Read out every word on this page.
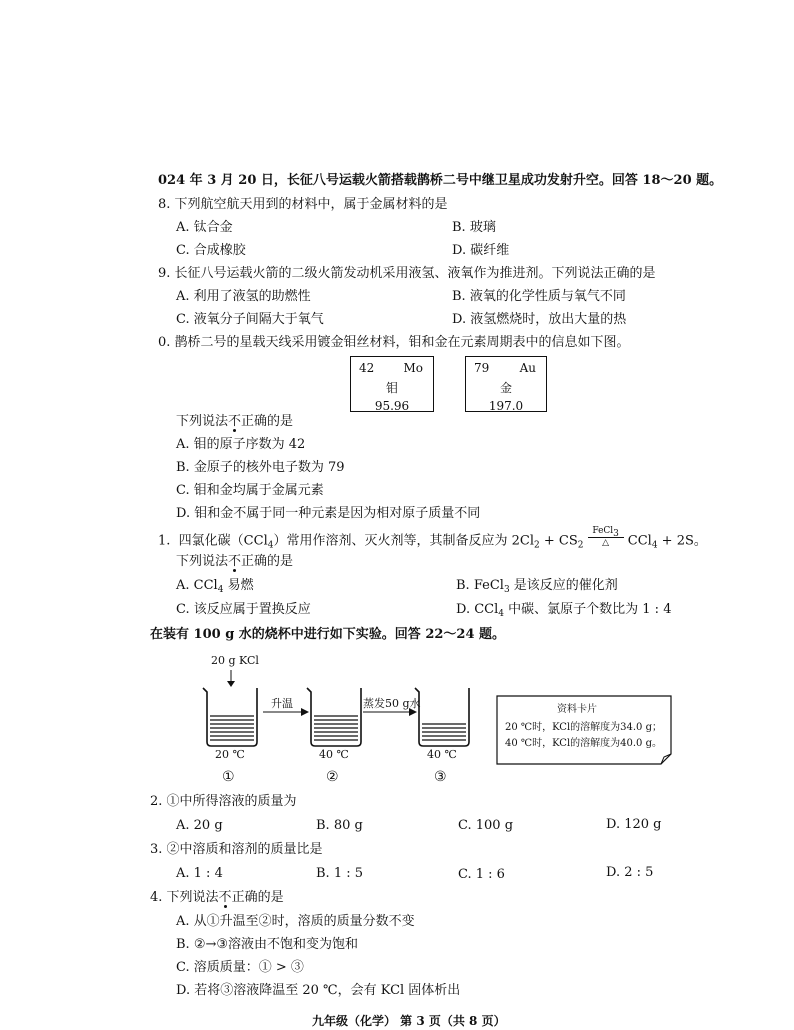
024 年 3 月 20 日，长征八号运载火箭搭载鹊桥二号中继卫星成功发射升空。回答 18～20 题。
8. 下列航空航天用到的材料中，属于金属材料的是
A. 钛合金	B. 玻璃
C. 合成橡胶	D. 碳纤维
9. 长征八号运载火箭的二级火箭发动机采用液氢、液氧作为推进剂。下列说法正确的是
A. 利用了液氢的助燃性	B. 液氧的化学性质与氧气不同
C. 液氧分子间隔大于氧气	D. 液氢燃烧时，放出大量的热
0. 鹊桥二号的星载天线采用镀金钼丝材料，钼和金在元素周期表中的信息如下图。
42 Mo
钼
95.96
79	Au
金
197.0
下列说法不正确的是
A. 钼的原子序数为 42
B. 金原子的核外电子数为 79
C. 钼和金均属于金属元素
D. 钼和金不属于同一种元素是因为相对原子质量不同
1. 四氯化碳（CCl$_4$）常用作溶剂、灭火剂等，其制备反应为 $2Cl_2 + CS_2 \frac{FeCl_3}{\triangle} CCl_4 + 2S$。
下列说法不正确的是
A. CCl$_4$ 易燃	B. FeCl$_3$ 是该反应的催化剂
C. 该反应属于置换反应	D. CCl$_4$ 中碳、氯原子个数比为 1 : 4
在装有 100 g 水的烧杯中进行如下实验。回答 22～24 题。
20 g KCl
升温	蒸发50 g水
20 ℃	40 ℃	40 ℃
①	②	③
资料卡片
20 ℃时，KCl的溶解度为34.0 g；
40 ℃时，KCl的溶解度为40.0 g。
2. ①中所得溶液的质量为
A. 20 g	B. 80 g	C. 100 g	D. 120 g
3. ②中溶质和溶剂的质量比是
A. 1 : 4	B. 1 : 5	C. 1 : 6	D. 2 : 5
4. 下列说法不正确的是
A. 从①升温至②时，溶质的质量分数不变
B. ②→③溶液由不饱和变为饱和
C. 溶质质量：① > ③
D. 若将③溶液降温至 20 ℃，会有 KCl 固体析出
九年级（化学） 第 3 页（共 8 页）
